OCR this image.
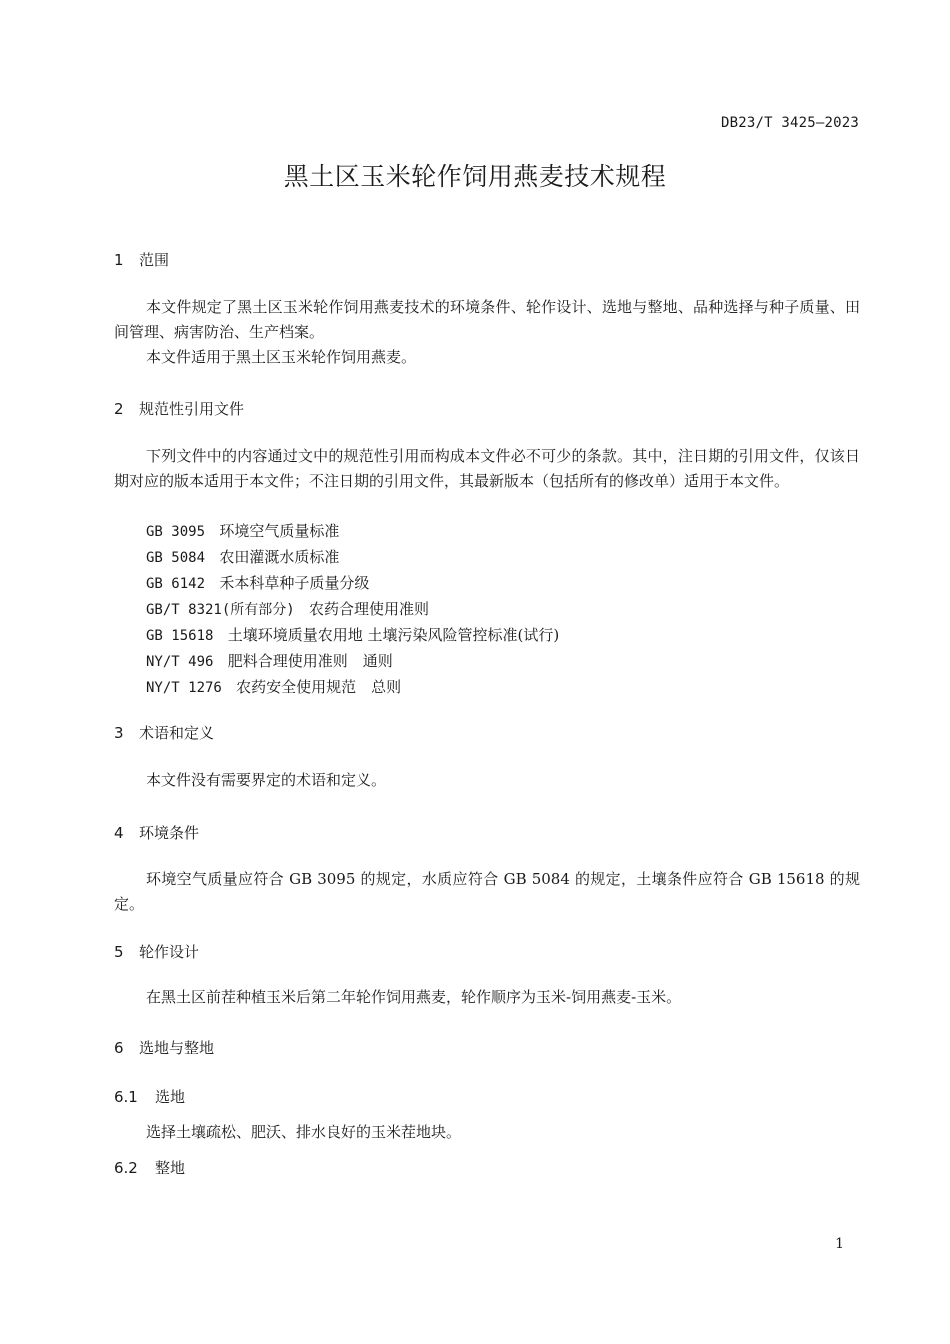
DB23/T 3425—2023
黑土区玉米轮作饲用燕麦技术规程
1 范围

本文件规定了黑土区玉米轮作饲用燕麦技术的环境条件、轮作设计、选地与整地、品种选择与种子质量、田间管理、病害防治、生产档案。

本文件适用于黑土区玉米轮作饲用燕麦。

2 规范性引用文件

下列文件中的内容通过文中的规范性引用而构成本文件必不可少的条款。其中，注日期的引用文件，仅该日期对应的版本适用于本文件；不注日期的引用文件，其最新版本（包括所有的修改单）适用于本文件。

GB 3095 环境空气质量标准
GB 5084 农田灌溉水质标准
GB 6142 禾本科草种子质量分级
GB/T 8321(所有部分) 农药合理使用准则
GB 15618 土壤环境质量农用地 土壤污染风险管控标准(试行)
NY/T 496 肥料合理使用准则　通则
NY/T 1276 农药安全使用规范　总则
3 术语和定义

本文件没有需要界定的术语和定义。

4 环境条件

环境空气质量应符合 GB 3095 的规定，水质应符合 GB 5084 的规定，土壤条件应符合 GB 15618 的规定。

5 轮作设计

在黑土区前茬种植玉米后第二年轮作饲用燕麦，轮作顺序为玉米-饲用燕麦-玉米。

6 选地与整地
6.1 选地

选择土壤疏松、肥沃、排水良好的玉米茬地块。

6.2 整地
1
